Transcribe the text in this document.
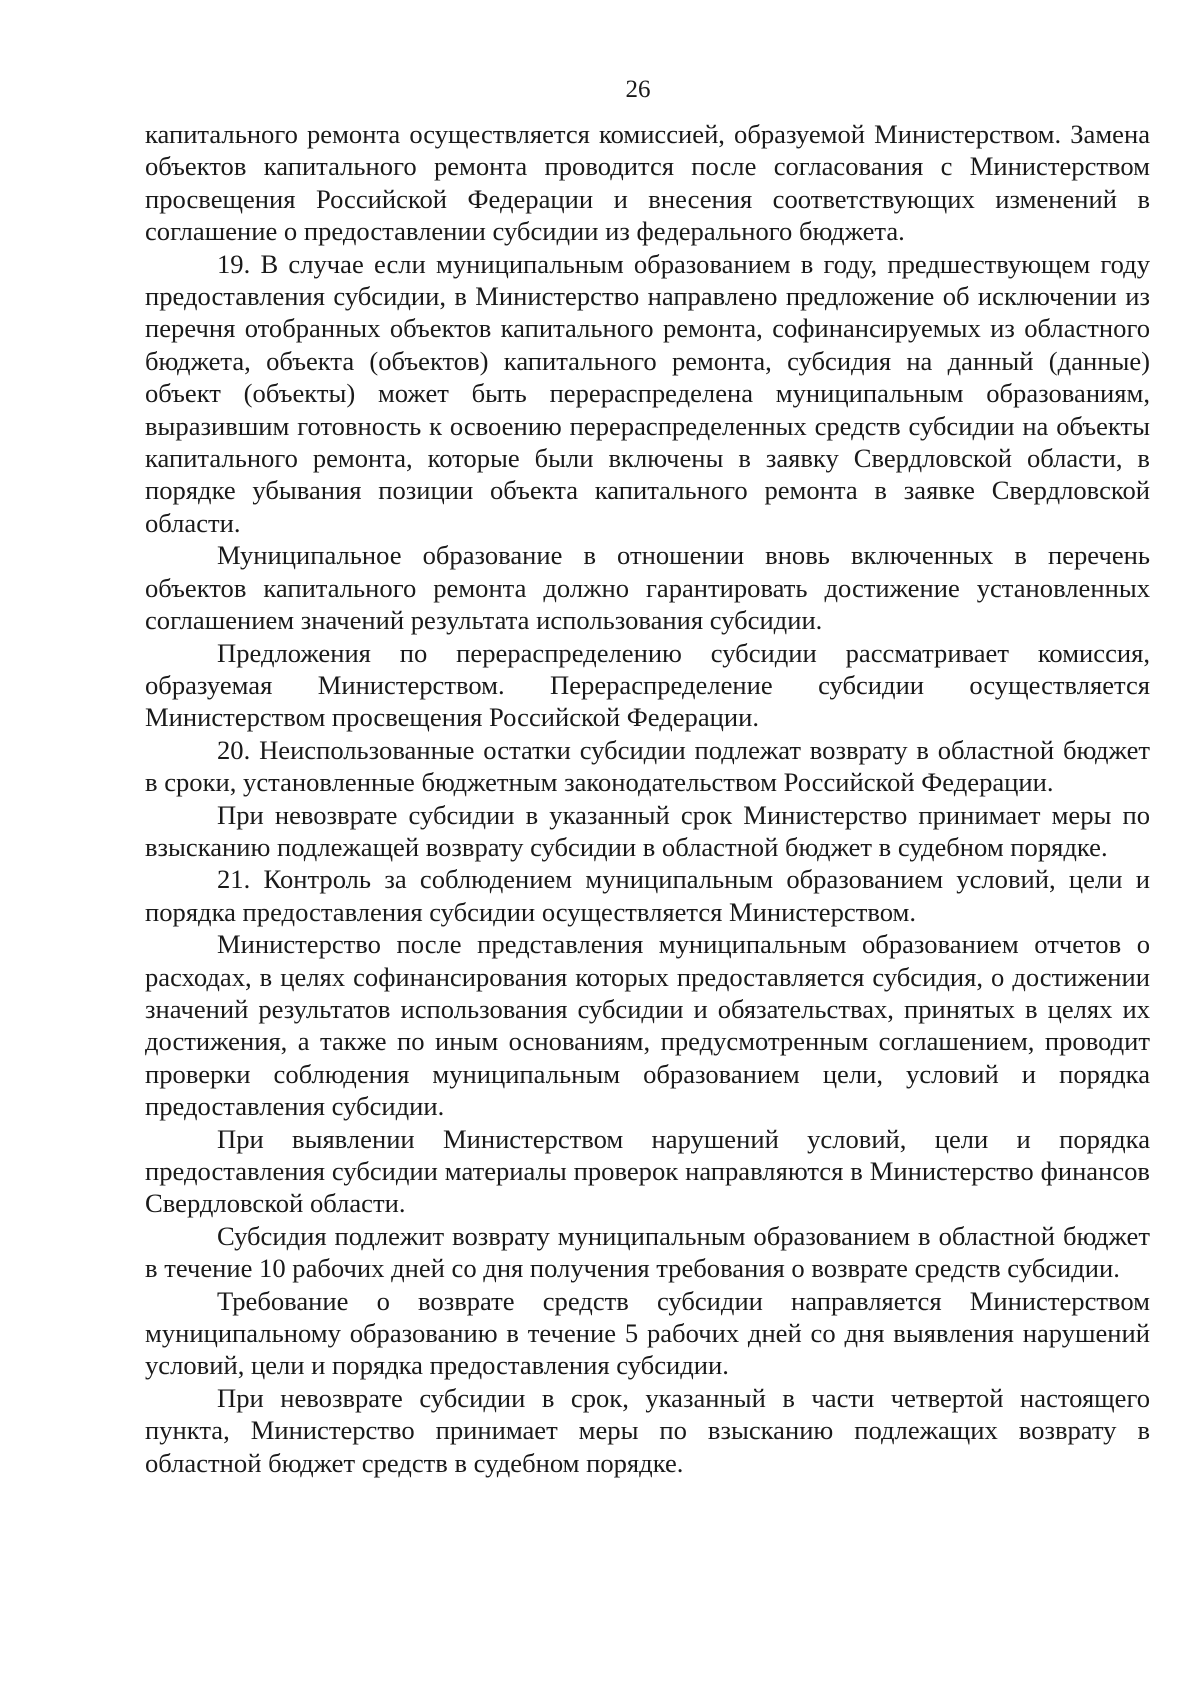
26

капитального ремонта осуществляется комиссией, образуемой Министерством. Замена объектов капитального ремонта проводится после согласования с Министерством просвещения Российской Федерации и внесения соответствующих изменений в соглашение о предоставлении субсидии из федерального бюджета.

19. В случае если муниципальным образованием в году, предшествующем году предоставления субсидии, в Министерство направлено предложение об исключении из перечня отобранных объектов капитального ремонта, софинансируемых из областного бюджета, объекта (объектов) капитального ремонта, субсидия на данный (данные) объект (объекты) может быть перераспределена муниципальным образованиям, выразившим готовность к освоению перераспределенных средств субсидии на объекты капитального ремонта, которые были включены в заявку Свердловской области, в порядке убывания позиции объекта капитального ремонта в заявке Свердловской области.

Муниципальное образование в отношении вновь включенных в перечень объектов капитального ремонта должно гарантировать достижение установленных соглашением значений результата использования субсидии.

Предложения по перераспределению субсидии рассматривает комиссия, образуемая Министерством. Перераспределение субсидии осуществляется Министерством просвещения Российской Федерации.

20. Неиспользованные остатки субсидии подлежат возврату в областной бюджет в сроки, установленные бюджетным законодательством Российской Федерации.

При невозврате субсидии в указанный срок Министерство принимает меры по взысканию подлежащей возврату субсидии в областной бюджет в судебном порядке.

21. Контроль за соблюдением муниципальным образованием условий, цели и порядка предоставления субсидии осуществляется Министерством.

Министерство после представления муниципальным образованием отчетов о расходах, в целях софинансирования которых предоставляется субсидия, о достижении значений результатов использования субсидии и обязательствах, принятых в целях их достижения, а также по иным основаниям, предусмотренным соглашением, проводит проверки соблюдения муниципальным образованием цели, условий и порядка предоставления субсидии.

При выявлении Министерством нарушений условий, цели и порядка предоставления субсидии материалы проверок направляются в Министерство финансов Свердловской области.

Субсидия подлежит возврату муниципальным образованием в областной бюджет в течение 10 рабочих дней со дня получения требования о возврате средств субсидии.

Требование о возврате средств субсидии направляется Министерством муниципальному образованию в течение 5 рабочих дней со дня выявления нарушений условий, цели и порядка предоставления субсидии.

При невозврате субсидии в срок, указанный в части четвертой настоящего пункта, Министерство принимает меры по взысканию подлежащих возврату в областной бюджет средств в судебном порядке.
